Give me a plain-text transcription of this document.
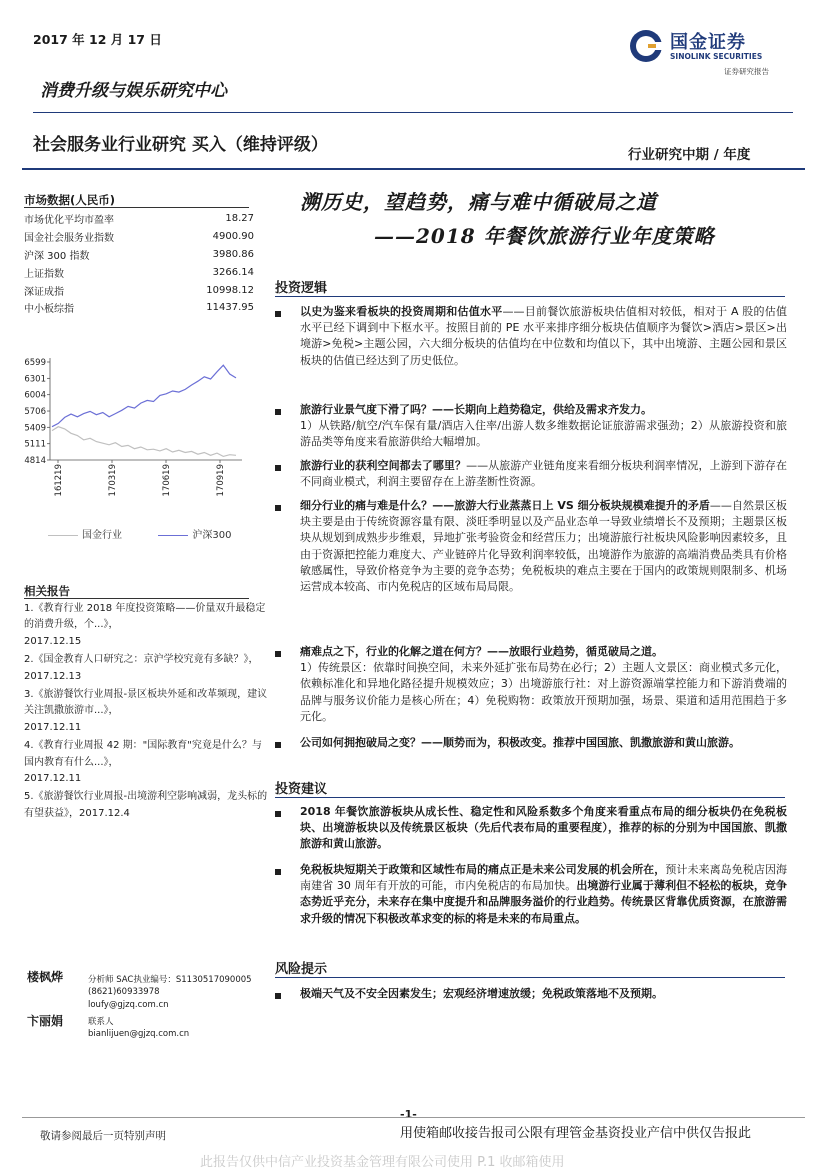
2017 年 12 月 17 日	国金证券
SINOLINK SECURITIES
证券研究报告
消费升级与娱乐研究中心
社会服务业行业研究 买入（维持评级）	行业研究中期 / 年度
市场数据(人民币)
市场优化平均市盈率	18.27
国金社会服务业指数	4900.90
沪深 300 指数	3980.86
上证指数	3266.14
深证成指	10998.12
中小板综指	11437.95
6599
6301
6004
5706
5409
5111
4814
161219	170319	170619	170919
国金行业	沪深300
相关报告
1.《教育行业 2018 年度投资策略——价量双升最稳定的消费升级，个...》，
2017.12.15
2.《国金教育人口研究之：京沪学校究竟有多缺？》，2017.12.13
3.《旅游餐饮行业周报-景区板块外延和改革频现，建议关注凯撒旅游市...》，
2017.12.11
4.《教育行业周报 42 期："国际教育"究竟是什么？与国内教育有什么...》，
2017.12.11
5.《旅游餐饮行业周报-出境游利空影响减弱，龙头标的有望获益》，2017.12.4
楼枫烨	分析师 SAC执业编号：S1130517090005
(8621)60933978
loufy@gjzq.com.cn
卞丽娟	联系人
bianlijuen@gjzq.com.cn
溯历史，望趋势，痛与难中循破局之道
——2018 年餐饮旅游行业年度策略
投资逻辑
以史为鉴来看板块的投资周期和估值水平——目前餐饮旅游板块估值相对较低，相对于 A 股的估值水平已经下调到中下枢水平。按照目前的 PE 水平来排序细分板块估值顺序为餐饮>酒店>景区>出境游>免税>主题公园，六大细分板块的估值均在中位数和均值以下，其中出境游、主题公园和景区板块的估值已经达到了历史低位。
旅游行业景气度下滑了吗？——长期向上趋势稳定，供给及需求齐发力。
1）从铁路/航空/汽车保有量/酒店入住率/出游人数多维数据论证旅游需求强劲；2）从旅游投资和旅游品类等角度来看旅游供给大幅增加。
旅游行业的获利空间都去了哪里？——从旅游产业链角度来看细分板块利润率情况，上游到下游存在不同商业模式，利润主要留存在上游垄断性资源。
细分行业的痛与难是什么？——旅游大行业蒸蒸日上 VS 细分板块规模难提升的矛盾——自然景区板块主要是由于传统资源容量有限、淡旺季明显以及产品业态单一导致业绩增长不及预期；主题景区板块从规划到成熟步步维艰，异地扩张考验资金和经营压力；出境游旅行社板块风险影响因素较多，且由于资源把控能力难度大、产业链碎片化导致利润率较低，出境游作为旅游的高端消费品类具有价格敏感属性，导致价格竞争为主要的竞争态势；免税板块的难点主要在于国内的政策规则限制多、机场运营成本较高、市内免税店的区域布局局限。
痛难点之下，行业的化解之道在何方？——放眼行业趋势，循觅破局之道。
1）传统景区：依靠时间换空间，未来外延扩张布局势在必行；2）主题人文景区：商业模式多元化，依赖标准化和异地化路径提升规模效应；3）出境游旅行社：对上游资源端掌控能力和下游消费端的品牌与服务议价能力是核心所在；4）免税购物：政策放开预期加强，场景、渠道和适用范围趋于多元化。
公司如何拥抱破局之变？——顺势而为，积极改变。推荐中国国旅、凯撒旅游和黄山旅游。
投资建议
2018 年餐饮旅游板块从成长性、稳定性和风险系数多个角度来看重点布局的细分板块仍在免税板块、出境游板块以及传统景区板块（先后代表布局的重要程度），推荐的标的分别为中国国旅、凯撒旅游和黄山旅游。
免税板块短期关于政策和区域性布局的痛点正是未来公司发展的机会所在，预计未来离岛免税店因海南建省 30 周年有开放的可能，市内免税店的布局加快。出境游行业属于薄利但不轻松的板块，竞争态势近乎充分，未来存在集中度提升和品牌服务溢价的行业趋势。传统景区背靠优质资源，在旅游需求升级的情况下积极改革求变的标的将是未来的布局重点。
风险提示
极端天气及不安全因素发生；宏观经济增速放缓；免税政策落地不及预期。
-1-
敬请参阅最后一页特别声明	用使箱邮收接告报司公限有理管金基资投业产信中供仅告报此
此报告仅供中信产业投资基金管理有限公司使用 P.1 收邮箱使用
